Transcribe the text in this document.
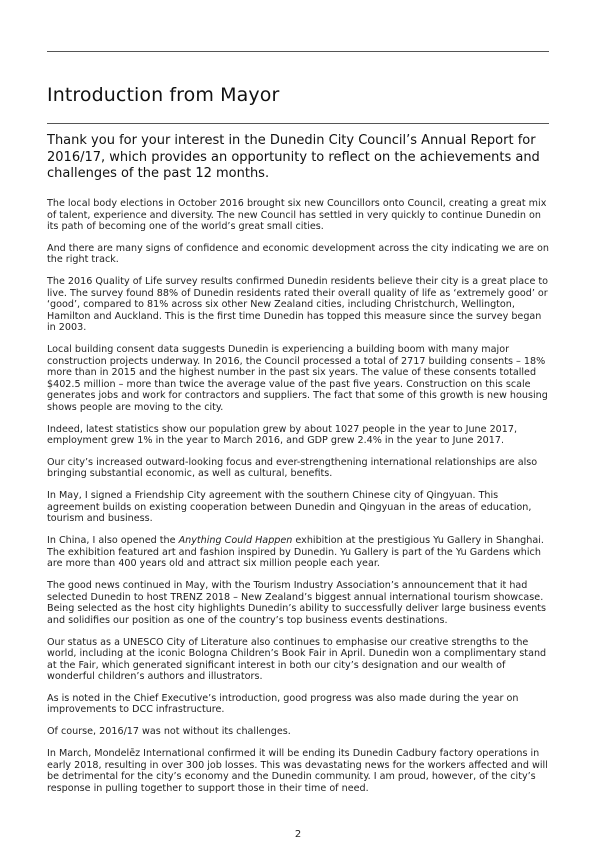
Introduction from Mayor

Thank you for your interest in the Dunedin City Council’s Annual Report for 2016/17, which provides an opportunity to reflect on the achievements and challenges of the past 12 months.

The local body elections in October 2016 brought six new Councillors onto Council, creating a great mix of talent, experience and diversity. The new Council has settled in very quickly to continue Dunedin on its path of becoming one of the world’s great small cities.

And there are many signs of confidence and economic development across the city indicating we are on the right track.

The 2016 Quality of Life survey results confirmed Dunedin residents believe their city is a great place to live. The survey found 88% of Dunedin residents rated their overall quality of life as ‘extremely good’ or ‘good’, compared to 81% across six other New Zealand cities, including Christchurch, Wellington, Hamilton and Auckland. This is the first time Dunedin has topped this measure since the survey began in 2003.

Local building consent data suggests Dunedin is experiencing a building boom with many major construction projects underway. In 2016, the Council processed a total of 2717 building consents – 18% more than in 2015 and the highest number in the past six years. The value of these consents totalled $402.5 million – more than twice the average value of the past five years. Construction on this scale generates jobs and work for contractors and suppliers. The fact that some of this growth is new housing shows people are moving to the city.

Indeed, latest statistics show our population grew by about 1027 people in the year to June 2017, employment grew 1% in the year to March 2016, and GDP grew 2.4% in the year to June 2017.

Our city’s increased outward-looking focus and ever-strengthening international relationships are also bringing substantial economic, as well as cultural, benefits.

In May, I signed a Friendship City agreement with the southern Chinese city of Qingyuan. This agreement builds on existing cooperation between Dunedin and Qingyuan in the areas of education, tourism and business.

In China, I also opened the Anything Could Happen exhibition at the prestigious Yu Gallery in Shanghai. The exhibition featured art and fashion inspired by Dunedin. Yu Gallery is part of the Yu Gardens which are more than 400 years old and attract six million people each year.

The good news continued in May, with the Tourism Industry Association’s announcement that it had selected Dunedin to host TRENZ 2018 – New Zealand’s biggest annual international tourism showcase. Being selected as the host city highlights Dunedin’s ability to successfully deliver large business events and solidifies our position as one of the country’s top business events destinations.

Our status as a UNESCO City of Literature also continues to emphasise our creative strengths to the world, including at the iconic Bologna Children’s Book Fair in April. Dunedin won a complimentary stand at the Fair, which generated significant interest in both our city’s designation and our wealth of wonderful children’s authors and illustrators.

As is noted in the Chief Executive’s introduction, good progress was also made during the year on improvements to DCC infrastructure.

Of course, 2016/17 was not without its challenges.

In March, Mondelēz International confirmed it will be ending its Dunedin Cadbury factory operations in early 2018, resulting in over 300 job losses. This was devastating news for the workers affected and will be detrimental for the city’s economy and the Dunedin community. I am proud, however, of the city’s response in pulling together to support those in their time of need.

2
